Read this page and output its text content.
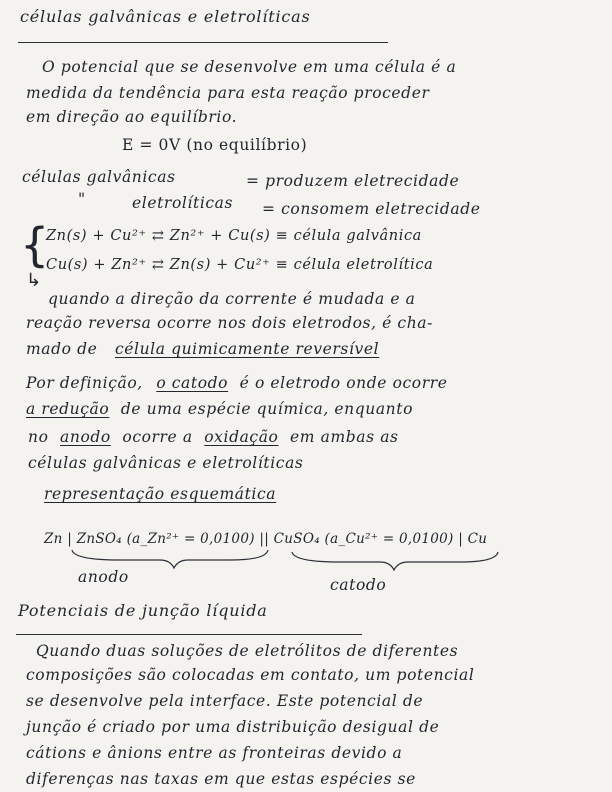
células galvânicas e eletrolíticas
O potencial que se desenvolve em uma célula é a
medida da tendência para esta reação proceder
em direção ao equilíbrio.
E = 0V (no equilíbrio)
células galvânicas	= produzem eletrecidade
"	eletrolíticas = consomem eletrecidade
{
Zn(s) + Cu²⁺ ⇄ Zn²⁺ + Cu(s) ≡ célula galvânica
Cu(s) + Zn²⁺ ⇄ Zn(s) + Cu²⁺ ≡ célula eletrolítica
↳
quando a direção da corrente é mudada e a
reação reversa ocorre nos dois eletrodos, é cha-
mado de célula quimicamente reversível
Por definição, o catodo é o eletrodo onde ocorre
a redução de uma espécie química, enquanto
no anodo ocorre a oxidação em ambas as
células galvânicas e eletrolíticas
representação esquemática
Zn | ZnSO₄ (a_Zn²⁺ = 0,0100) || CuSO₄ (a_Cu²⁺ = 0,0100) | Cu
anodo	catodo
Potenciais de junção líquida
Quando duas soluções de eletrólitos de diferentes
composições são colocadas em contato, um potencial
se desenvolve pela interface. Este potencial de
junção é criado por uma distribuição desigual de
cátions e ânions entre as fronteiras devido a
diferenças nas taxas em que estas espécies se
